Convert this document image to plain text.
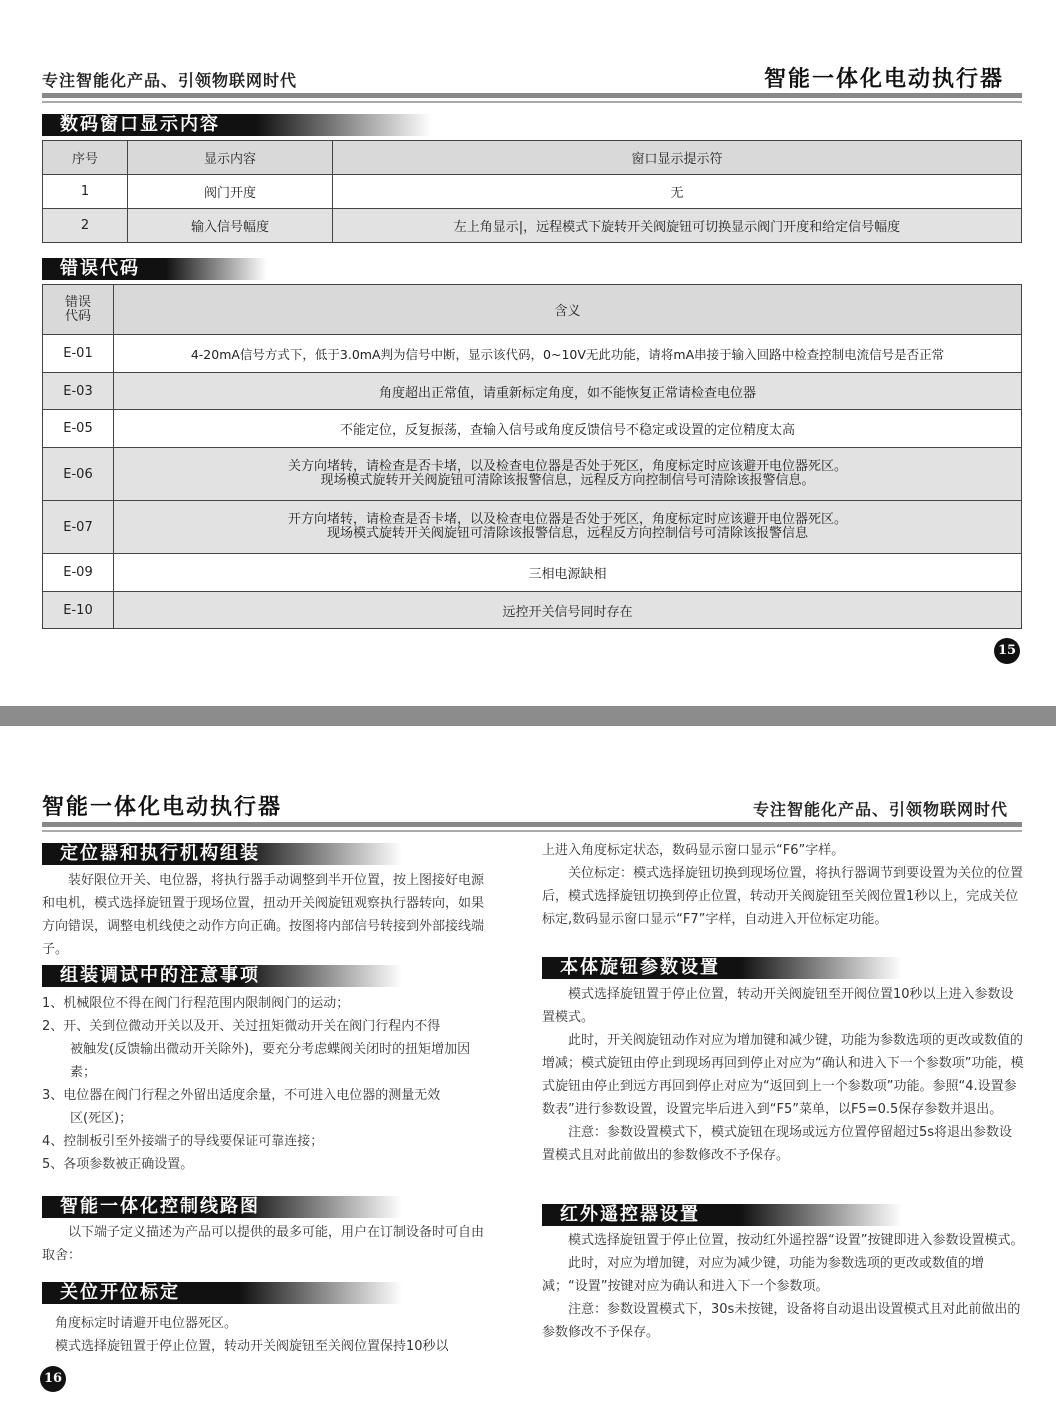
专注智能化产品、引领物联网时代	智能一体化电动执行器
数码窗口显示内容
序号	显示内容	窗口显示提示符
1	阀门开度	无
2	输入信号幅度	左上角显示|，远程模式下旋转开关阀旋钮可切换显示阀门开度和给定信号幅度
错误代码
错误
代码	含义
E-01	4-20mA信号方式下，低于3.0mA判为信号中断，显示该代码，0~10V无此功能，请将mA串接于输入回路中检查控制电流信号是否正常
E-03	角度超出正常值，请重新标定角度，如不能恢复正常请检查电位器
E-05	不能定位，反复振荡，查输入信号或角度反馈信号不稳定或设置的定位精度太高
E-06	关方向堵转，请检查是否卡堵，以及检查电位器是否处于死区，角度标定时应该避开电位器死区。
现场模式旋转开关阀旋钮可清除该报警信息，远程反方向控制信号可清除该报警信息。

E-07	开方向堵转，请检查是否卡堵，以及检查电位器是否处于死区，角度标定时应该避开电位器死区。
现场模式旋转开关阀旋钮可清除该报警信息，远程反方向控制信号可清除该报警信息

E-09	三相电源缺相
E-10	远控开关信号同时存在
15
智能一体化电动执行器	专注智能化产品、引领物联网时代
定位器和执行机构组装

装好限位开关、电位器，将执行器手动调整到半开位置，按上图接好电源和电机，模式选择旋钮置于现场位置，扭动开关阀旋钮观察执行器转向，如果方向错误，调整电机线使之动作方向正确。按图将内部信号转接到外部接线端子。

组装调试中的注意事项
1、机械限位不得在阀门行程范围内限制阀门的运动；
2、开、关到位微动开关以及开、关过扭矩微动开关在阀门行程内不得
被触发(反馈输出微动开关除外)，要充分考虑蝶阀关闭时的扭矩增加因素；
3、电位器在阀门行程之外留出适度余量，不可进入电位器的测量无效
区(死区)；
4、控制板引至外接端子的导线要保证可靠连接；
5、各项参数被正确设置。
智能一体化控制线路图

以下端子定义描述为产品可以提供的最多可能，用户在订制设备时可自由取舍：

关位开位标定

角度标定时请避开电位器死区。

模式选择旋钮置于停止位置，转动开关阀旋钮至关阀位置保持10秒以

16

上进入角度标定状态，数码显示窗口显示“F6”字样。

关位标定：模式选择旋钮切换到现场位置，将执行器调节到要设置为关位的位置后，模式选择旋钮切换到停止位置，转动开关阀旋钮至关阀位置1秒以上，完成关位标定,数码显示窗口显示“F7”字样，自动进入开位标定功能。

本体旋钮参数设置

模式选择旋钮置于停止位置，转动开关阀旋钮至开阀位置10秒以上进入参数设置模式。

此时，开关阀旋钮动作对应为增加键和减少键，功能为参数选项的更改或数值的增减；模式旋钮由停止到现场再回到停止对应为“确认和进入下一个参数项”功能，模式旋钮由停止到远方再回到停止对应为“返回到上一个参数项”功能。参照“4.设置参数表”进行参数设置，设置完毕后进入到“F5”菜单，以F5=0.5保存参数并退出。

注意：参数设置模式下，模式旋钮在现场或远方位置停留超过5s将退出参数设置模式且对此前做出的参数修改不予保存。

红外遥控器设置

模式选择旋钮置于停止位置，按动红外遥控器“设置”按键即进入参数设置模式。

此时，对应为增加键，对应为减少键，功能为参数选项的更改或数值的增减；“设置”按键对应为确认和进入下一个参数项。

注意：参数设置模式下，30s未按键，设备将自动退出设置模式且对此前做出的参数修改不予保存。
